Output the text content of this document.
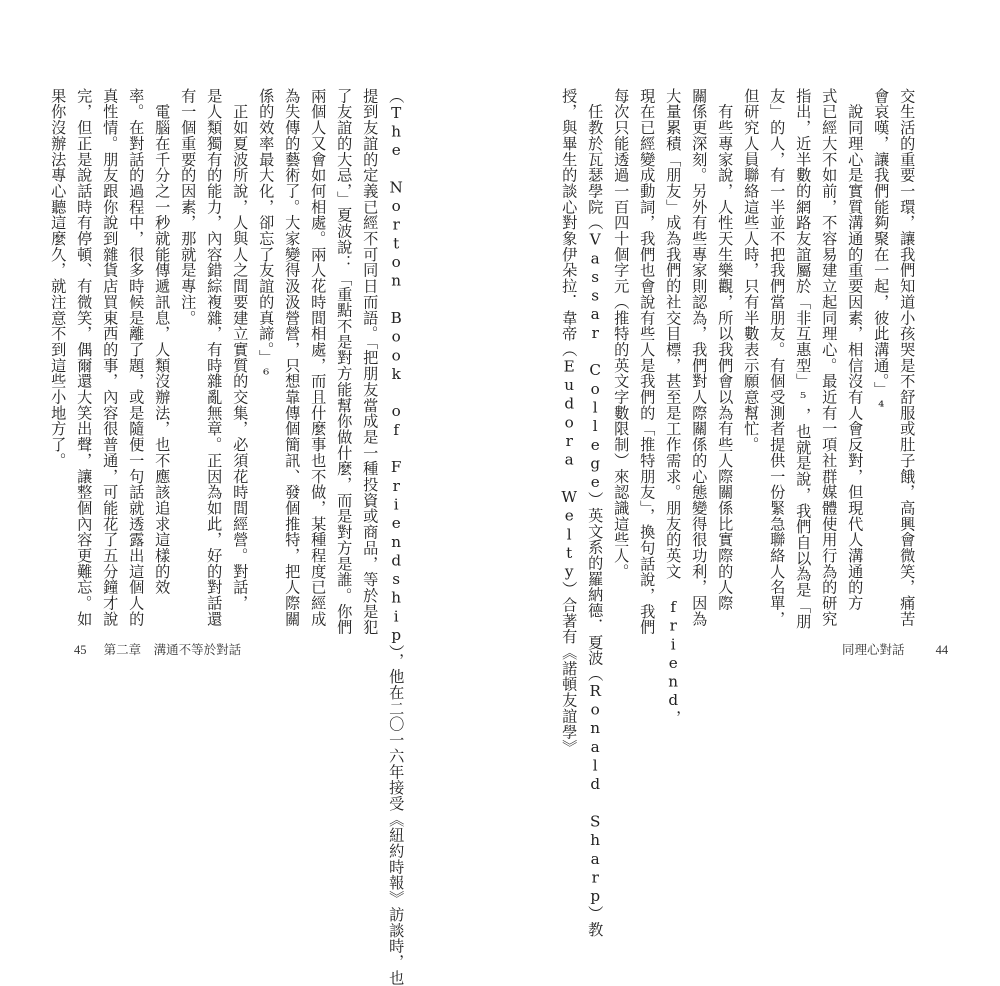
（The Norton Book of Friendship），他在二〇一六年接受《紐約時報》訪談時，也
提到友誼的定義已經不可同日而語。「把朋友當成是一種投資或商品，等於是犯
了友誼的大忌，」夏波說：「重點不是對方能幫你做什麼，而是對方是誰。你們
兩個人又會如何相處。兩人花時間相處，而且什麼事也不做，某種程度已經成
為失傳的藝術了。大家變得汲汲營營，只想靠傳個簡訊、發個推特，把人際關
係的效率最大化，卻忘了友誼的真諦。」⁶
　正如夏波所說，人與人之間要建立實質的交集，必須花時間經營。對話，
是人類獨有的能力，內容錯綜複雜，有時雜亂無章。正因為如此，好的對話還
有一個重要的因素，那就是專注。
　電腦在千分之一秒就能傳遞訊息，人類沒辦法，也不應該追求這樣的效
率。在對話的過程中，很多時候是離了題，或是隨便一句話就透露出這個人的
真性情。朋友跟你說到雜貨店買東西的事，內容很普通，可能花了五分鐘才說
完，但正是說話時有停頓、有微笑，偶爾還大笑出聲，讓整個內容更難忘。如
果你沒辦法專心聽這麼久，就注意不到這些小地方了。
45 第二章　溝通不等於對話
交生活的重要一環，讓我們知道小孩哭是不舒服或肚子餓，高興會微笑，痛苦
會哀嘆，讓我們能夠聚在一起，彼此溝通。」⁴
　說同理心是實質溝通的重要因素，相信沒有人會反對，但現代人溝通的方
式已經大不如前，不容易建立起同理心。最近有一項社群媒體使用行為的研究
指出，近半數的網路友誼屬於「非互惠型」⁵，也就是說，我們自以為是「朋
友」的人，有一半並不把我們當朋友。有個受測者提供一份緊急聯絡人名單，
但研究人員聯絡這些人時，只有半數表示願意幫忙。
　有些專家說，人性天生樂觀，所以我們會以為有些人際關係比實際的人際
關係更深刻。另外有些專家則認為，我們對人際關係的心態變得很功利，因為
大量累積「朋友」成為我們的社交目標，甚至是工作需求。朋友的英文 friend，
現在已經變成動詞，我們也會說有些人是我們的「推特朋友」，換句話說，我們
每次只能透過一百四十個字元（推特的英文字數限制）來認識這些人。
　任教於瓦瑟學院（Vassar College）英文系的羅納德．夏波（Ronald Sharp）教
授，與畢生的談心對象伊朵拉．韋帝（Eudora Welty）合著有《諾頓友誼學》	同理心對話 44
